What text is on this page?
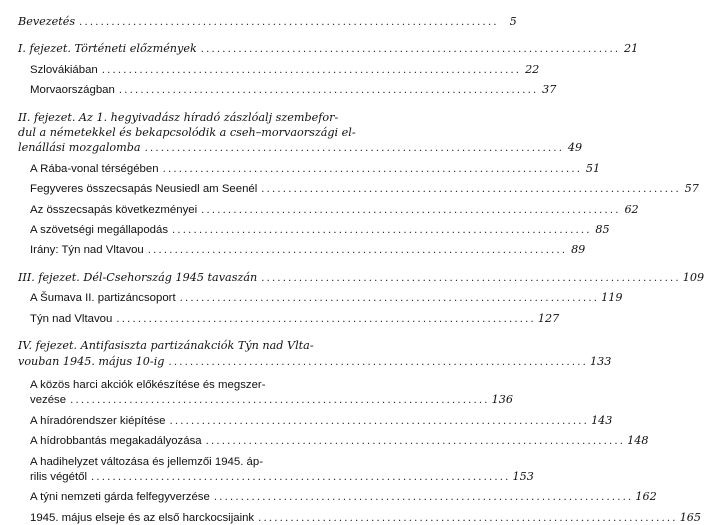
Bevezetés .............................................................................. 5
I. fejezet. Történeti előzmények .............................................................................. 21
Szlovákiában .............................................................................. 22
Morvaországban .............................................................................. 37
II. fejezet. Az 1. hegyivadász híradó zászlóalj szembefor-
dul a németekkel és bekapcsolódik a cseh–morvaországi el-
lenállási mozgalomba .............................................................................. 49
A Rába-vonal térségében .............................................................................. 51
Fegyveres összecsapás Neusiedl am Seenél .............................................................................. 57
Az összecsapás következményei .............................................................................. 62
A szövetségi megállapodás .............................................................................. 85
Irány: Týn nad Vltavou .............................................................................. 89
III. fejezet. Dél-Csehország 1945 tavaszán .............................................................................. 109
A Šumava II. partizáncsoport .............................................................................. 119
Týn nad Vltavou .............................................................................. 127
IV. fejezet. Antifasiszta partizánakciók Týn nad Vlta-
vouban 1945. május 10-ig .............................................................................. 133
A közös harci akciók előkészítése és megszer-
vezése .............................................................................. 136
A híradórendszer kiépítése .............................................................................. 143
A hídrobbantás megakadályozása .............................................................................. 148
A hadihelyzet változása és jellemzői 1945. áp-
rilis végétől .............................................................................. 153
A týni nemzeti gárda felfegyverzése .............................................................................. 162
1945. május elseje és az első harckocsijaink .............................................................................. 165
